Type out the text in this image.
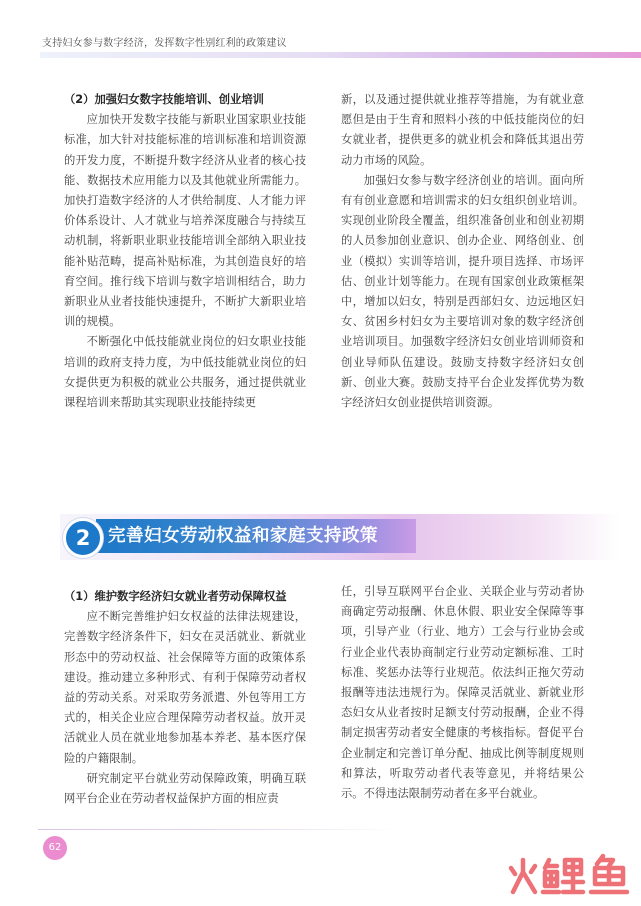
支持妇女参与数字经济，发挥数字性别红利的政策建议

（2）加强妇女数字技能培训、创业培训

应加快开发数字技能与新职业国家职业技能标准，加大针对技能标准的培训标准和培训资源的开发力度，不断提升数字经济从业者的核心技能、数据技术应用能力以及其他就业所需能力。加快打造数字经济的人才供给制度、人才能力评价体系设计、人才就业与培养深度融合与持续互动机制，将新职业职业技能培训全部纳入职业技能补贴范畴，提高补贴标准，为其创造良好的培育空间。推行线下培训与数字培训相结合，助力新职业从业者技能快速提升，不断扩大新职业培训的规模。

不断强化中低技能就业岗位的妇女职业技能培训的政府支持力度，为中低技能就业岗位的妇女提供更为积极的就业公共服务，通过提供就业课程培训来帮助其实现职业技能持续更

新，以及通过提供就业推荐等措施，为有就业意愿但是由于生育和照料小孩的中低技能岗位的妇女就业者，提供更多的就业机会和降低其退出劳动力市场的风险。

加强妇女参与数字经济创业的培训。面向所有有创业意愿和培训需求的妇女组织创业培训。实现创业阶段全覆盖，组织准备创业和创业初期的人员参加创业意识、创办企业、网络创业、创业（模拟）实训等培训，提升项目选择、市场评估、创业计划等能力。在现有国家创业政策框架中，增加以妇女，特别是西部妇女、边远地区妇女、贫困乡村妇女为主要培训对象的数字经济创业培训项目。加强数字经济妇女创业培训师资和创业导师队伍建设。鼓励支持数字经济妇女创新、创业大赛。鼓励支持平台企业发挥优势为数字经济妇女创业提供培训资源。

2	完善妇女劳动权益和家庭支持政策

（1）维护数字经济妇女就业者劳动保障权益

应不断完善维护妇女权益的法律法规建设，完善数字经济条件下，妇女在灵活就业、新就业形态中的劳动权益、社会保障等方面的政策体系建设。推动建立多种形式、有利于保障劳动者权益的劳动关系。对采取劳务派遣、外包等用工方式的，相关企业应合理保障劳动者权益。放开灵活就业人员在就业地参加基本养老、基本医疗保险的户籍限制。

研究制定平台就业劳动保障政策，明确互联网平台企业在劳动者权益保护方面的相应责

任，引导互联网平台企业、关联企业与劳动者协商确定劳动报酬、休息休假、职业安全保障等事项，引导产业（行业、地方）工会与行业协会或行业企业代表协商制定行业劳动定额标准、工时标准、奖惩办法等行业规范。依法纠正拖欠劳动报酬等违法违规行为。保障灵活就业、新就业形态妇女从业者按时足额支付劳动报酬，企业不得制定损害劳动者安全健康的考核指标。督促平台企业制定和完善订单分配、抽成比例等制度规则和算法，听取劳动者代表等意见，并将结果公示。不得违法限制劳动者在多平台就业。

62
